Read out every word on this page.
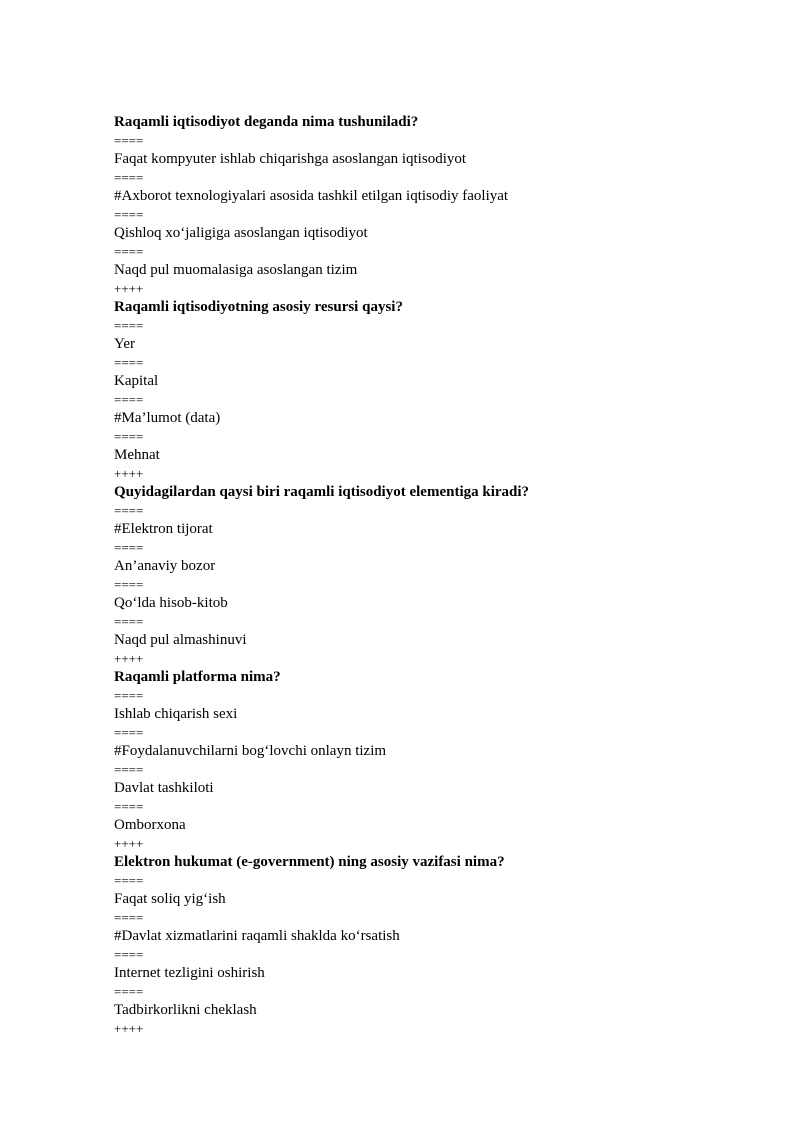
Raqamli iqtisodiyot deganda nima tushuniladi?
====
Faqat kompyuter ishlab chiqarishga asoslangan iqtisodiyot
====
#Axborot texnologiyalari asosida tashkil etilgan iqtisodiy faoliyat
====
Qishloq xo‘jaligiga asoslangan iqtisodiyot
====
Naqd pul muomalasiga asoslangan tizim
++++
Raqamli iqtisodiyotning asosiy resursi qaysi?
====
Yer
====
Kapital
====
#Ma’lumot (data)
====
Mehnat
++++
Quyidagilardan qaysi biri raqamli iqtisodiyot elementiga kiradi?
====
#Elektron tijorat
====
An’anaviy bozor
====
Qo‘lda hisob-kitob
====
Naqd pul almashinuvi
++++
Raqamli platforma nima?
====
Ishlab chiqarish sexi
====
#Foydalanuvchilarni bog‘lovchi onlayn tizim
====
Davlat tashkiloti
====
Omborxona
++++
Elektron hukumat (e-government) ning asosiy vazifasi nima?
====
Faqat soliq yig‘ish
====
#Davlat xizmatlarini raqamli shaklda ko‘rsatish
====
Internet tezligini oshirish
====
Tadbirkorlikni cheklash
++++
